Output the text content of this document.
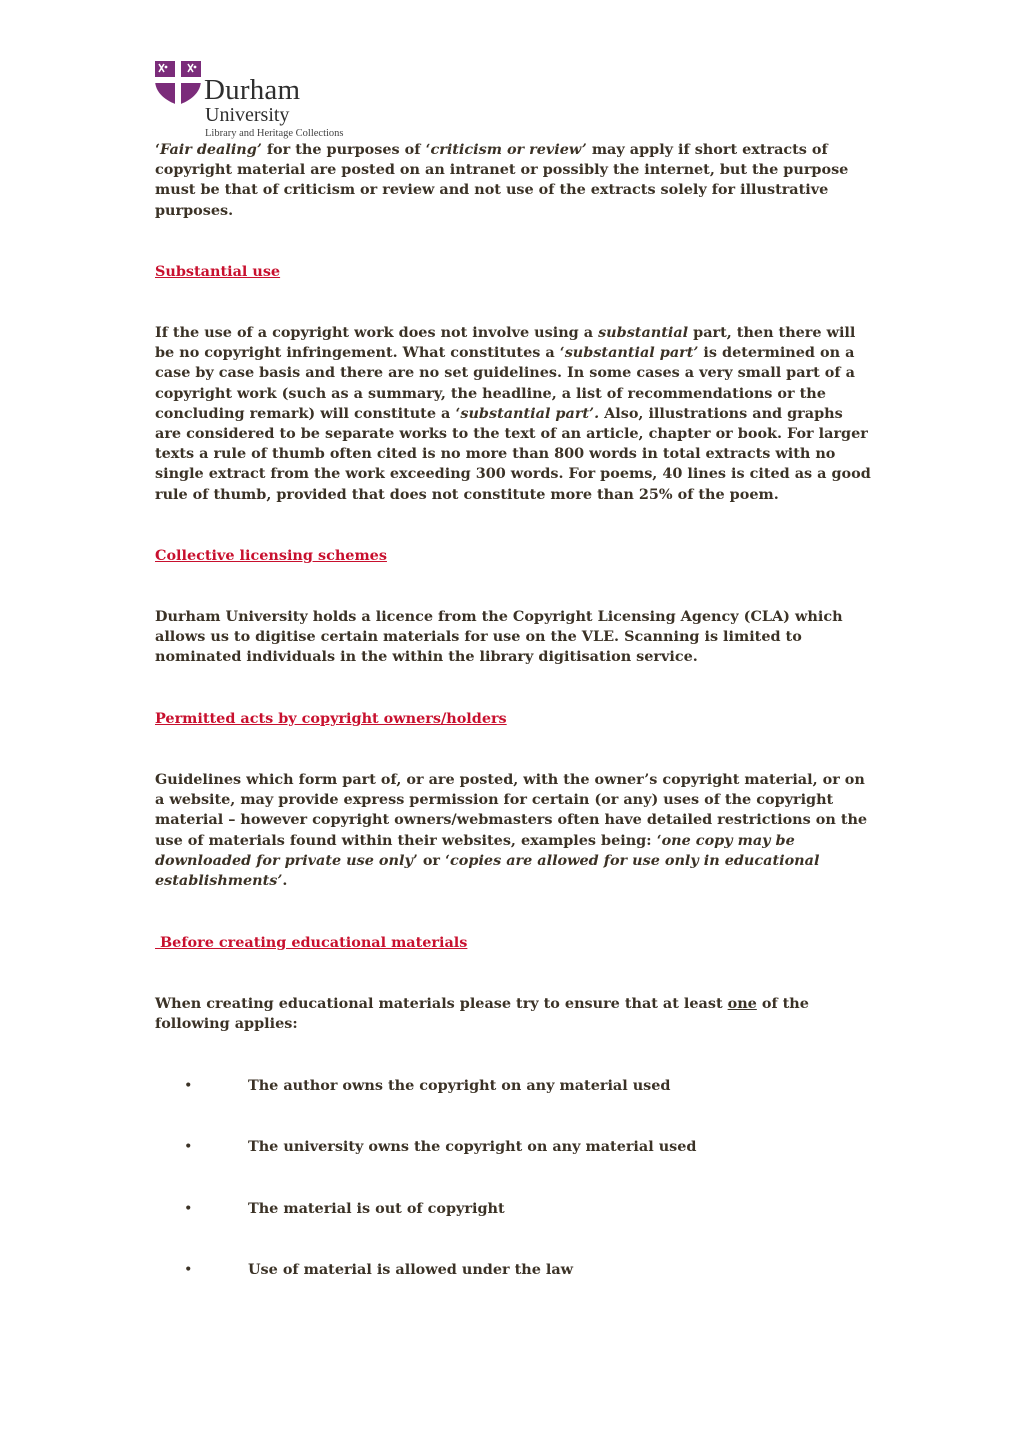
Durham
University
Library and Heritage Collections
‘Fair dealing’ for the purposes of ‘criticism or review’ may apply if short extracts of copyright material are posted on an intranet or possibly the internet, but the purpose must be that of criticism or review and not use of the extracts solely for illustrative purposes.
Substantial use
If the use of a copyright work does not involve using a substantial part, then there will be no copyright infringement. What constitutes a ‘substantial part’ is determined on a case by case basis and there are no set guidelines. In some cases a very small part of a copyright work (such as a summary, the headline, a list of recommendations or the concluding remark) will constitute a ‘substantial part’. Also, illustrations and graphs are considered to be separate works to the text of an article, chapter or book. For larger texts a rule of thumb often cited is no more than 800 words in total extracts with no single extract from the work exceeding 300 words. For poems, 40 lines is cited as a good rule of thumb, provided that does not constitute more than 25% of the poem.
Collective licensing schemes
Durham University holds a licence from the Copyright Licensing Agency (CLA) which allows us to digitise certain materials for use on the VLE. Scanning is limited to nominated individuals in the within the library digitisation service.
Permitted acts by copyright owners/holders
Guidelines which form part of, or are posted, with the owner’s copyright material, or on a website, may provide express permission for certain (or any) uses of the copyright material – however copyright owners/webmasters often have detailed restrictions on the use of materials found within their websites, examples being: ‘one copy may be downloaded for private use only’ or ‘copies are allowed for use only in educational establishments’.
Before creating educational materials
When creating educational materials please try to ensure that at least one of the following applies:
•	The author owns the copyright on any material used
•	The university owns the copyright on any material used
•	The material is out of copyright
•	Use of material is allowed under the law
